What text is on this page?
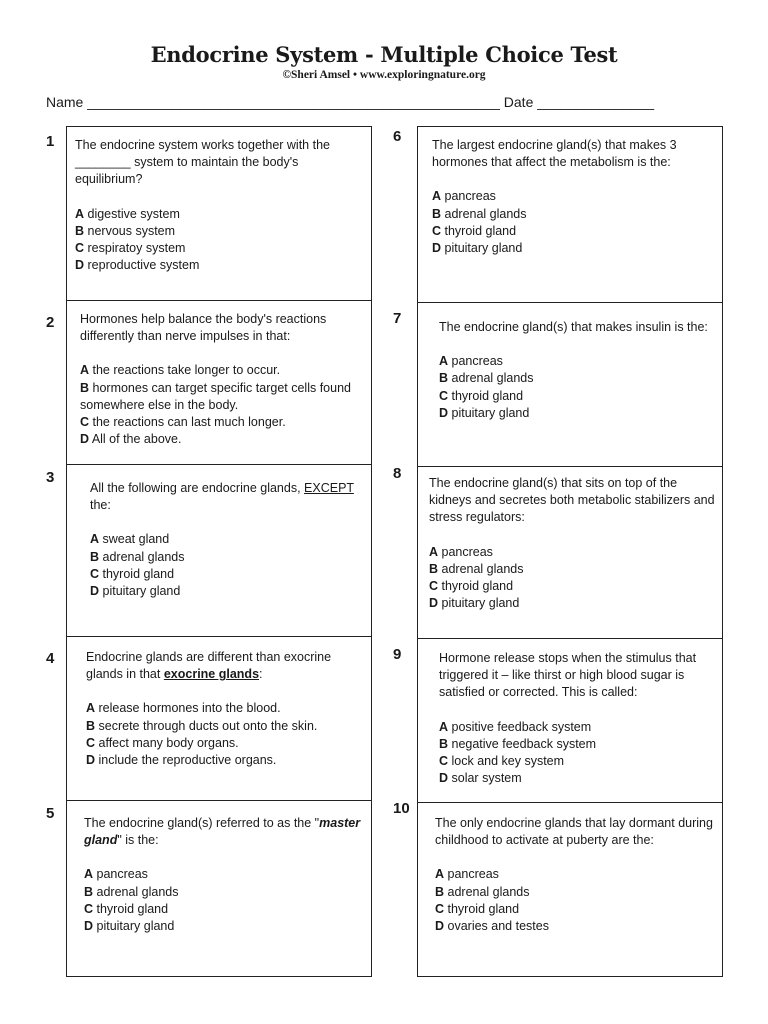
Endocrine System - Multiple Choice Test
©Sheri Amsel • www.exploringnature.org
Name _____________________________________________________ Date _______________
1
2
3
4
5
6
7
8
9
10

The endocrine system works together with the ________ system to maintain the body's equilibrium?

A digestive system
B nervous system
C respiratoy system
D reproductive system

Hormones help balance the body's reactions differently than nerve impulses in that:

A the reactions take longer to occur.
B hormones can target specific target cells found somewhere else in the body.
C the reactions can last much longer.
D All of the above.

All the following are endocrine glands, EXCEPT the:

A sweat gland
B adrenal glands
C thyroid gland
D pituitary gland

Endocrine glands are different than exocrine glands in that exocrine glands:

A release hormones into the blood.
B secrete through ducts out onto the skin.
C affect many body organs.
D include the reproductive organs.

The endocrine gland(s) referred to as the "master gland" is the:

A pancreas
B adrenal glands
C thyroid gland
D pituitary gland

The largest endocrine gland(s) that makes 3 hormones that affect the metabolism is the:

A pancreas
B adrenal glands
C thyroid gland
D pituitary gland

The endocrine gland(s) that makes insulin is the:

A pancreas
B adrenal glands
C thyroid gland
D pituitary gland

The endocrine gland(s) that sits on top of the kidneys and secretes both metabolic stabilizers and stress regulators:

A pancreas
B adrenal glands
C thyroid gland
D pituitary gland

Hormone release stops when the stimulus that triggered it – like thirst or high blood sugar is satisfied or corrected. This is called:

A positive feedback system
B negative feedback system
C lock and key system
D solar system

The only endocrine glands that lay dormant during childhood to activate at puberty are the:

A pancreas
B adrenal glands
C thyroid gland
D ovaries and testes
